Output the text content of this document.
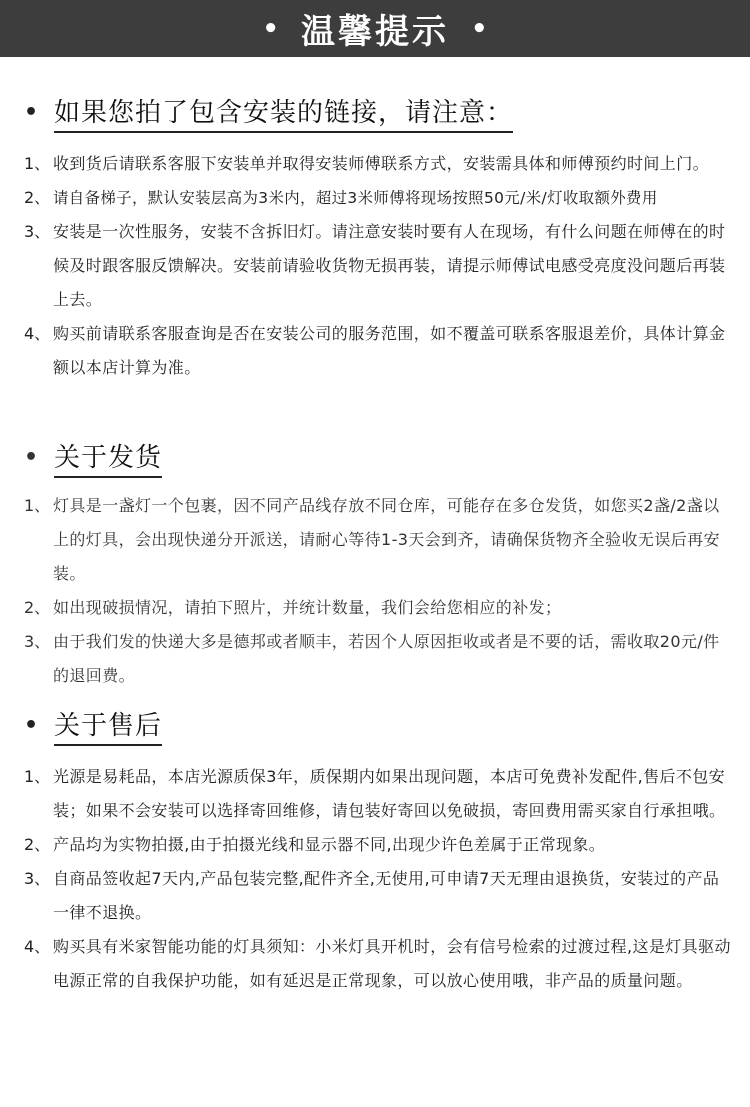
• 温馨提示 •
• 如果您拍了包含安装的链接，请注意：
1、 收到货后请联系客服下安装单并取得安装师傅联系方式，安装需具体和师傅预约时间上门。
2、 请自备梯子，默认安装层高为3米内，超过3米师傅将现场按照50元/米/灯收取额外费用
3、 安装是一次性服务，安装不含拆旧灯。请注意安装时要有人在现场，有什么问题在师傅在的时候及时跟客服反馈解决。安装前请验收货物无损再装，请提示师傅试电感受亮度没问题后再装上去。
4、 购买前请联系客服查询是否在安装公司的服务范围，如不覆盖可联系客服退差价，具体计算金额以本店计算为准。
• 关于发货
1、 灯具是一盏灯一个包裹，因不同产品线存放不同仓库，可能存在多仓发货，如您买2盏/2盏以上的灯具，会出现快递分开派送，请耐心等待1-3天会到齐，请确保货物齐全验收无误后再安装。
2、 如出现破损情况，请拍下照片，并统计数量，我们会给您相应的补发；
3、 由于我们发的快递大多是德邦或者顺丰，若因个人原因拒收或者是不要的话，需收取20元/件的退回费。
• 关于售后
1、 光源是易耗品，本店光源质保3年，质保期内如果出现问题，本店可免费补发配件,售后不包安装；如果不会安装可以选择寄回维修，请包装好寄回以免破损，寄回费用需买家自行承担哦。
2、 产品均为实物拍摄,由于拍摄光线和显示器不同,出现少许色差属于正常现象。
3、 自商品签收起7天内,产品包装完整,配件齐全,无使用,可申请7天无理由退换货，安装过的产品一律不退换。
4、 购买具有米家智能功能的灯具须知：小米灯具开机时，会有信号检索的过渡过程,这是灯具驱动电源正常的自我保护功能，如有延迟是正常现象，可以放心使用哦，非产品的质量问题。
